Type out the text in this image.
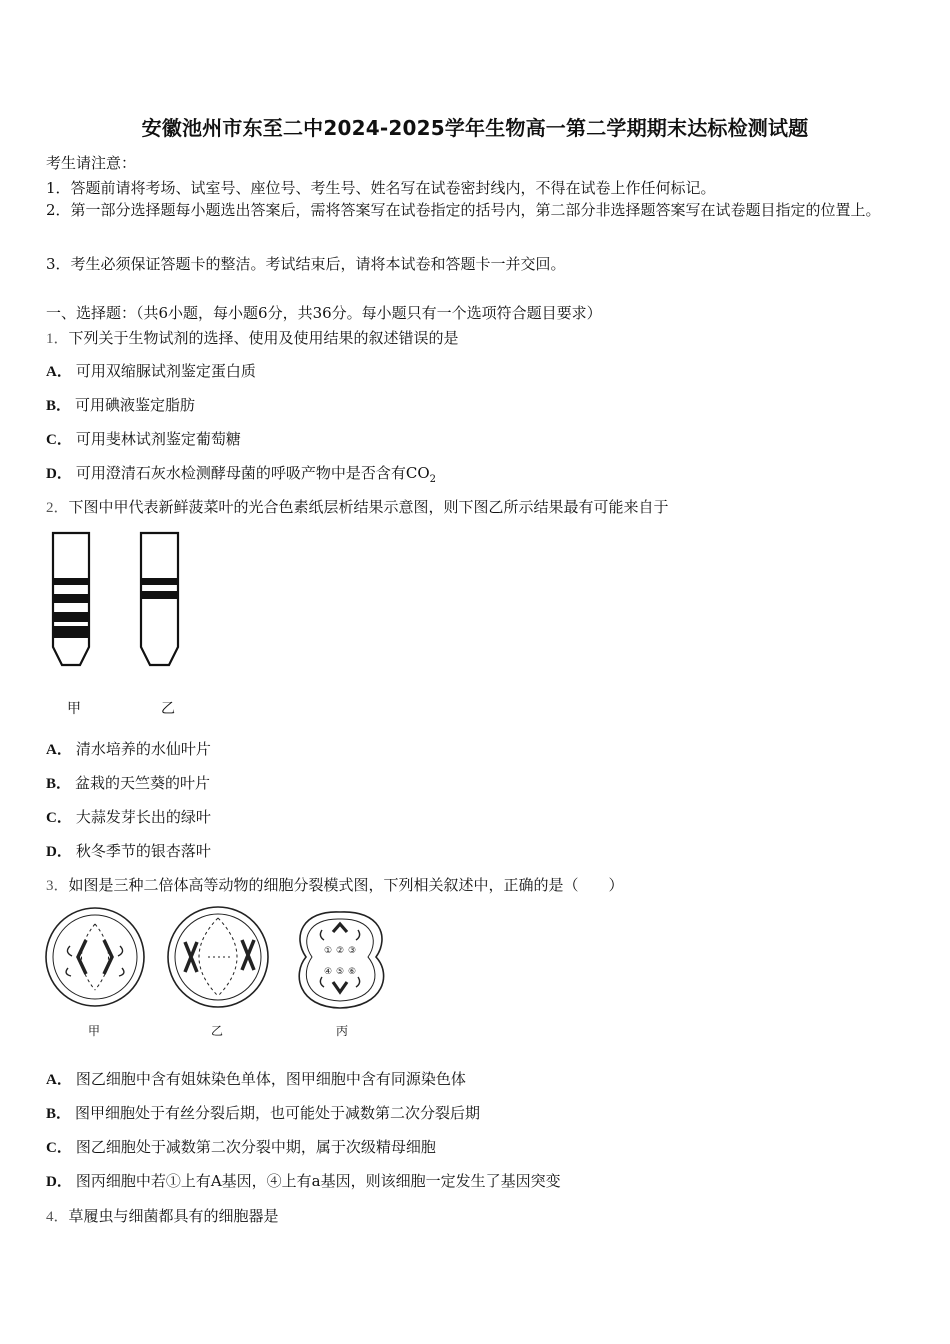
安徽池州市东至二中2024-2025学年生物高一第二学期期末达标检测试题
考生请注意：
1．答题前请将考场、试室号、座位号、考生号、姓名写在试卷密封线内，不得在试卷上作任何标记。
2．第一部分选择题每小题选出答案后，需将答案写在试卷指定的括号内，第二部分非选择题答案写在试卷题目指定的位置上。
3．考生必须保证答题卡的整洁。考试结束后，请将本试卷和答题卡一并交回。
一、选择题：（共6小题，每小题6分，共36分。每小题只有一个选项符合题目要求）
1．下列关于生物试剂的选择、使用及使用结果的叙述错误的是
A． 可用双缩脲试剂鉴定蛋白质
B． 可用碘液鉴定脂肪
C． 可用斐林试剂鉴定葡萄糖
D． 可用澄清石灰水检测酵母菌的呼吸产物中是否含有$CO_2$
2．下图中甲代表新鲜菠菜叶的光合色素纸层析结果示意图，则下图乙所示结果最有可能来自于
甲	乙
A． 清水培养的水仙叶片
B． 盆栽的天竺葵的叶片
C． 大蒜发芽长出的绿叶
D． 秋冬季节的银杏落叶
3．如图是三种二倍体高等动物的细胞分裂模式图，下列相关叙述中，正确的是（　　）
① ② ③
④ ⑤ ⑥
甲	乙	丙
A． 图乙细胞中含有姐妹染色单体，图甲细胞中含有同源染色体
B． 图甲细胞处于有丝分裂后期，也可能处于减数第二次分裂后期
C． 图乙细胞处于减数第二次分裂中期，属于次级精母细胞
D． 图丙细胞中若①上有A基因，④上有a基因，则该细胞一定发生了基因突变
4．草履虫与细菌都具有的细胞器是
